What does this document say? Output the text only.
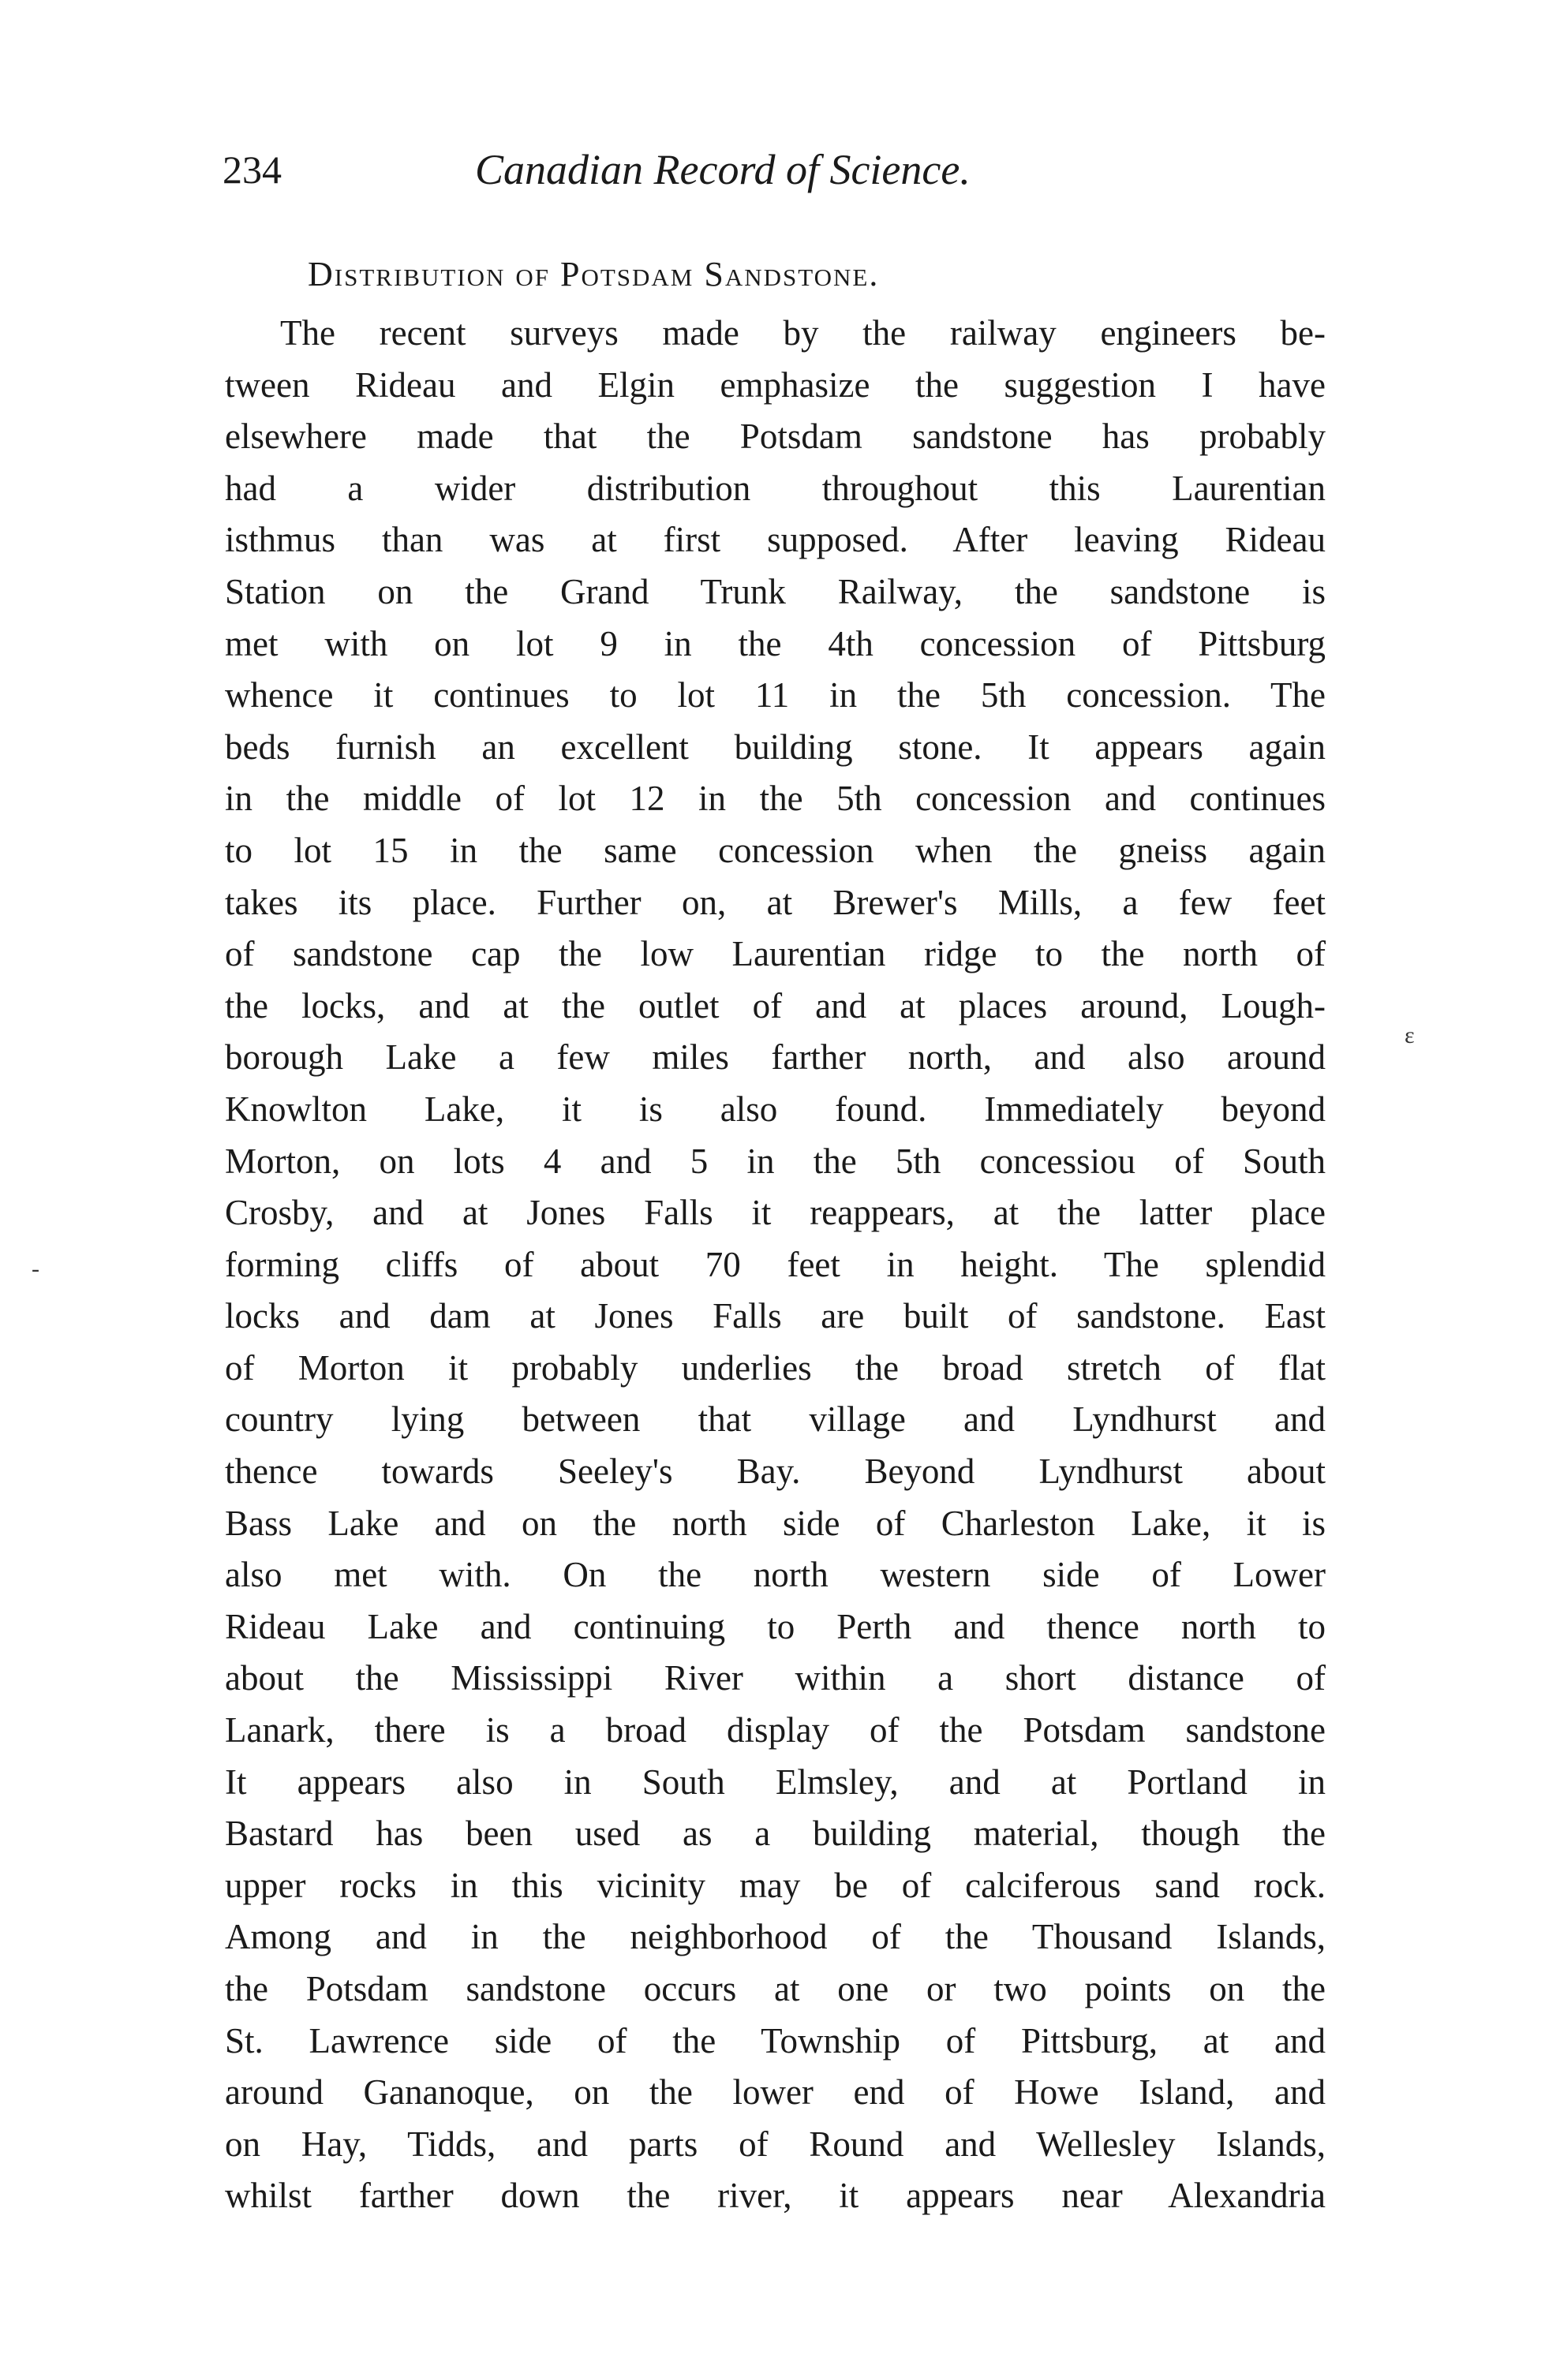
234	Canadian Record of Science.
Distribution of Potsdam Sandstone.
The recent surveys made by the railway engineers be-
tween Rideau and Elgin emphasize the suggestion I have
elsewhere made that the Potsdam sandstone has probably
had a wider distribution throughout this Laurentian
isthmus than was at first supposed. After leaving Rideau
Station on the Grand Trunk Railway, the sandstone is
met with on lot 9 in the 4th concession of Pittsburg
whence it continues to lot 11 in the 5th concession. The
beds furnish an excellent building stone. It appears again
in the middle of lot 12 in the 5th concession and continues
to lot 15 in the same concession when the gneiss again
takes its place. Further on, at Brewer's Mills, a few feet
of sandstone cap the low Laurentian ridge to the north of
the locks, and at the outlet of and at places around, Lough-
borough Lake a few miles farther north, and also around
Knowlton Lake, it is also found. Immediately beyond
Morton, on lots 4 and 5 in the 5th concessiou of South
Crosby, and at Jones Falls it reappears, at the latter place
forming cliffs of about 70 feet in height. The splendid
locks and dam at Jones Falls are built of sandstone. East
of Morton it probably underlies the broad stretch of flat
country lying between that village and Lyndhurst and
thence towards Seeley's Bay. Beyond Lyndhurst about
Bass Lake and on the north side of Charleston Lake, it is
also met with. On the north western side of Lower
Rideau Lake and continuing to Perth and thence north to
about the Mississippi River within a short distance of
Lanark, there is a broad display of the Potsdam sandstone
It appears also in South Elmsley, and at Portland in
Bastard has been used as a building material, though the
upper rocks in this vicinity may be of calciferous sand rock.
Among and in the neighborhood of the Thousand Islands,
the Potsdam sandstone occurs at one or two points on the
St. Lawrence side of the Township of Pittsburg, at and
around Gananoque, on the lower end of Howe Island, and
on Hay, Tidds, and parts of Round and Wellesley Islands,
whilst farther down the river, it appears near Alexandria
ɛ
-
